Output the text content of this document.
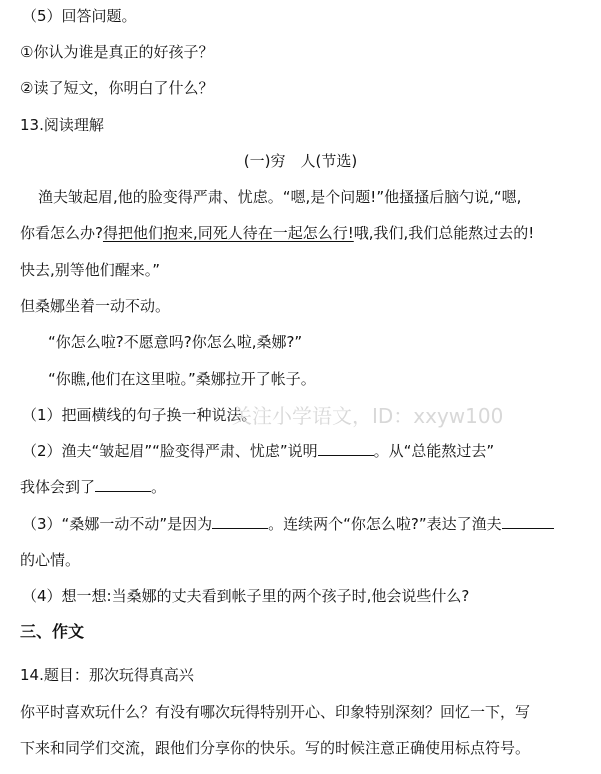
（5）回答问题。
①你认为谁是真正的好孩子？
②读了短文，你明白了什么？
13.阅读理解
(一)穷　人(节选)
渔夫皱起眉,他的脸变得严肃、忧虑。“嗯,是个问题!”他搔搔后脑勺说,“嗯,
你看怎么办?得把他们抱来,同死人待在一起怎么行!哦,我们,我们总能熬过去的!
快去,别等他们醒来。”
但桑娜坐着一动不动。
“你怎么啦?不愿意吗?你怎么啦,桑娜?”
“你瞧,他们在这里啦。”桑娜拉开了帐子。
（1）把画横线的句子换一种说法。
关注小学语文，ID：xxyw100
（2）渔夫“皱起眉”“脸变得严肃、忧虑”说明	。从“总能熬过去”
我体会到了	。
（3）“桑娜一动不动”是因为	。连续两个“你怎么啦?”表达了渔夫
的心情。
（4）想一想:当桑娜的丈夫看到帐子里的两个孩子时,他会说些什么?
三、作文
14.题目：那次玩得真高兴
你平时喜欢玩什么？有没有哪次玩得特别开心、印象特别深刻？回忆一下，写
下来和同学们交流，跟他们分享你的快乐。写的时候注意正确使用标点符号。
